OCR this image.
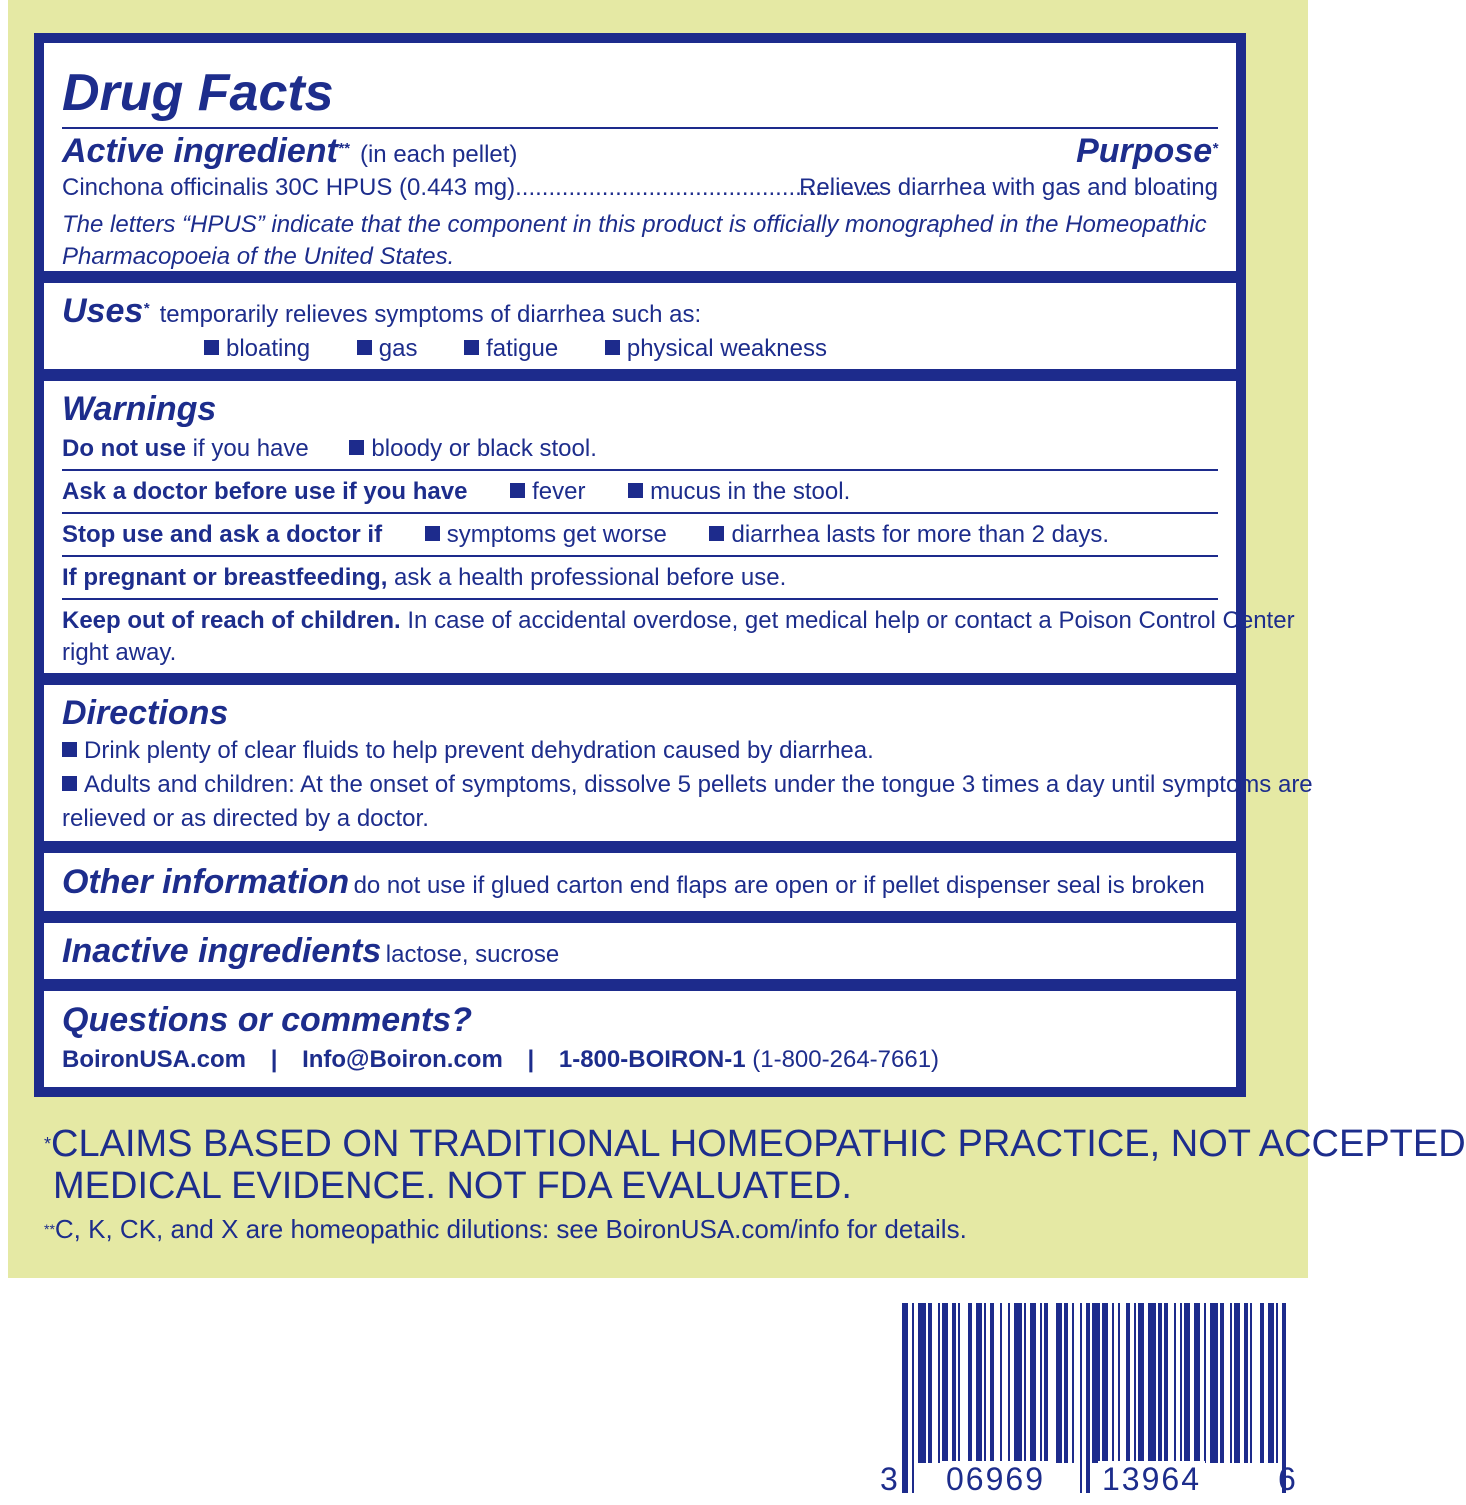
Drug Facts
Active ingredient** (in each pellet)	Purpose*
Cinchona officinalis 30C HPUS (0.443 mg).......................................................
Relieves diarrhea with gas and bloating
The letters “HPUS” indicate that the component in this product is officially monographed in the Homeopathic
Pharmacopoeia of the United States.
Uses* temporarily relieves symptoms of diarrhea such as:
bloating	gas	fatigue	physical weakness
Warnings
Do not use if you have	bloody or black stool.
Ask a doctor before use if you have	fever	mucus in the stool.
Stop use and ask a doctor if	symptoms get worse	diarrhea lasts for more than 2 days.
If pregnant or breastfeeding, ask a health professional before use.
Keep out of reach of children. In case of accidental overdose, get medical help or contact a Poison Control Center
right away.
Directions
Drink plenty of clear fluids to help prevent dehydration caused by diarrhea.
Adults and children: At the onset of symptoms, dissolve 5 pellets under the tongue 3 times a day until symptoms are
relieved or as directed by a doctor.
Other information do not use if glued carton end flaps are open or if pellet dispenser seal is broken
Inactive ingredients lactose, sucrose
Questions or comments?
BoironUSA.com | Info@Boiron.com | 1-800-BOIRON-1 (1-800-264-7661)
*CLAIMS BASED ON TRADITIONAL HOMEOPATHIC PRACTICE, NOT ACCEPTED
MEDICAL EVIDENCE. NOT FDA EVALUATED.
**C, K, CK, and X are homeopathic dilutions: see BoironUSA.com/info for details.
3 06969 13964 6
